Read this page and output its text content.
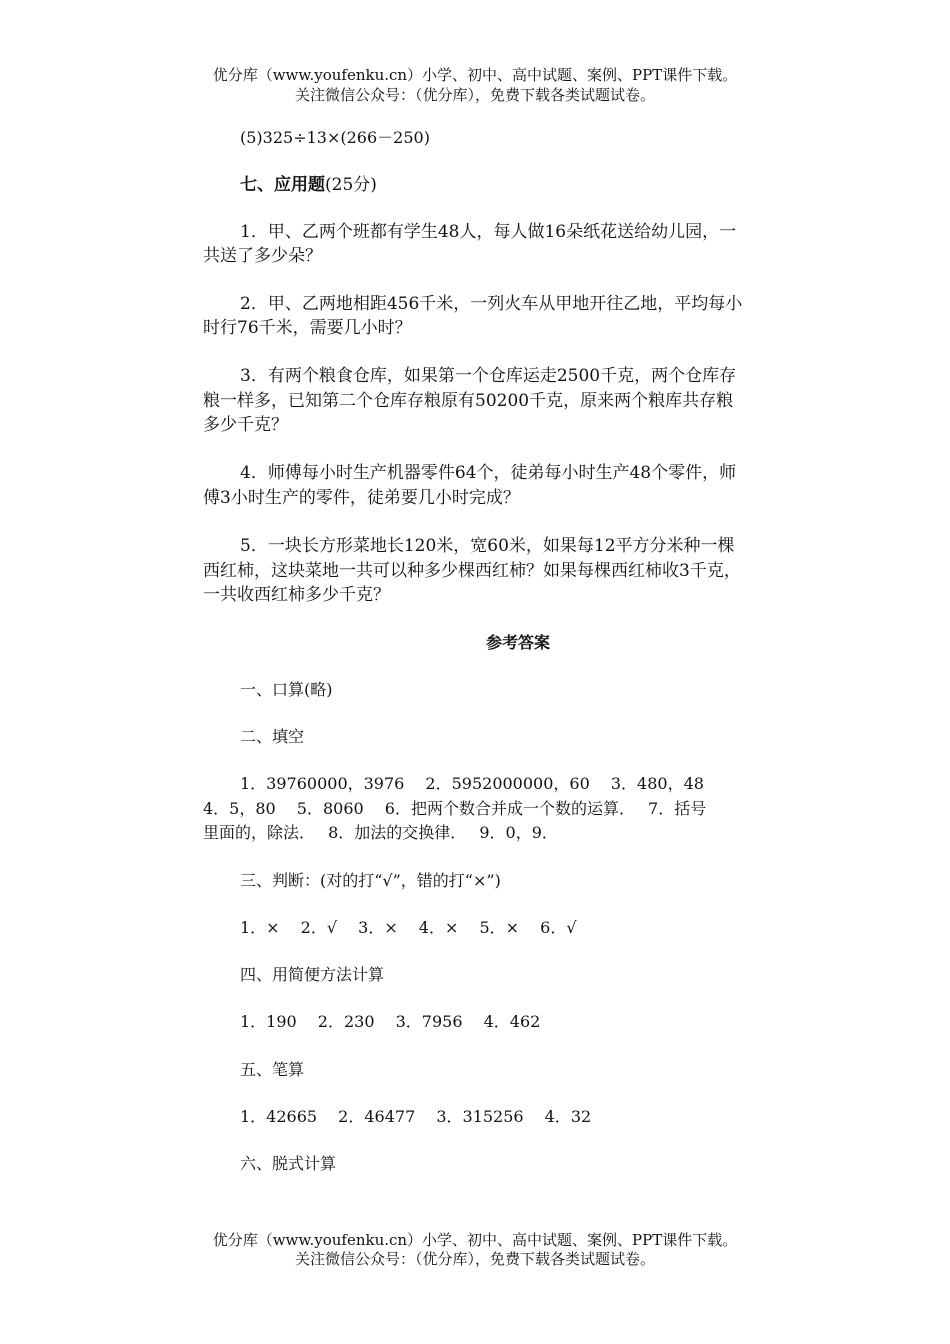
优分库（www.youfenku.cn）小学、初中、高中试题、案例、PPT课件下载。
关注微信公众号：（优分库），免费下载各类试题试卷。
(5)325÷13×(266－250)
七、应用题(25分)
1．甲、乙两个班都有学生48人，每人做16朵纸花送给幼儿园，一
共送了多少朵？
2．甲、乙两地相距456千米，一列火车从甲地开往乙地，平均每小
时行76千米，需要几小时？
3．有两个粮食仓库，如果第一个仓库运走2500千克，两个仓库存
粮一样多，已知第二个仓库存粮原有50200千克，原来两个粮库共存粮
多少千克？
4．师傅每小时生产机器零件64个，徒弟每小时生产48个零件，师
傅3小时生产的零件，徒弟要几小时完成？
5．一块长方形菜地长120米，宽60米，如果每12平方分米种一棵
西红柿，这块菜地一共可以种多少棵西红柿？如果每棵西红柿收3千克，
一共收西红柿多少千克？
参考答案
一、口算(略)
二、填空
1．39760000，3976　 2．5952000000，60　 3．480，48
4．5，80　 5．8060　 6．把两个数合并成一个数的运算．　 7．括号
里面的，除法．　 8．加法的交换律．　 9．0，9．
三、判断：(对的打“√”，错的打“×”)
1．×　 2．√　 3．×　 4．×　 5．×　 6．√
四、用简便方法计算
1．190　 2．230　 3．7956　 4．462
五、笔算
1．42665　 2．46477　 3．315256　 4．32
六、脱式计算
优分库（www.youfenku.cn）小学、初中、高中试题、案例、PPT课件下载。
关注微信公众号：（优分库），免费下载各类试题试卷。
